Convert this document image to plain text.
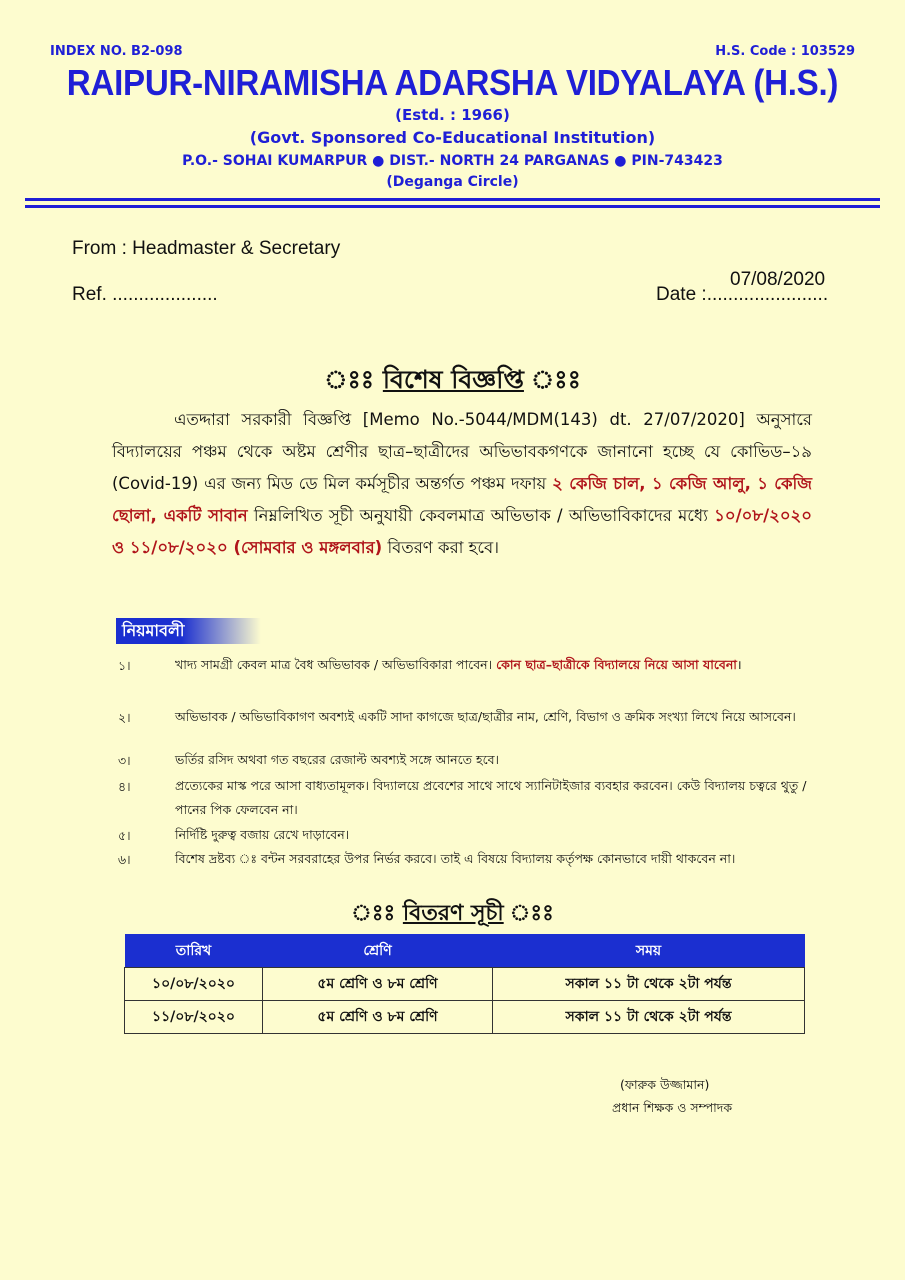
INDEX NO. B2-098	H.S. Code : 103529
RAIPUR-NIRAMISHA ADARSHA VIDYALAYA (H.S.)
(Estd. : 1966)
(Govt. Sponsored Co-Educational Institution)
P.O.- SOHAI KUMARPUR ● DIST.- NORTH 24 PARGANAS ● PIN-743423
(Deganga Circle)
From : Headmaster & Secretary
Ref. ....................
07/08/2020
Date :.......................
ঃঃ বিশেষ বিজ্ঞপ্তি ঃঃ
এতদ্দারা সরকারী বিজ্ঞপ্তি [Memo No.-5044/MDM(143) dt. 27/07/2020] অনুসারে বিদ্যালয়ের পঞ্চম থেকে অষ্টম শ্রেণীর ছাত্র–ছাত্রীদের অভিভাবকগণকে জানানো হচ্ছে যে কোভিড–১৯ (Covid-19) এর জন্য মিড ডে মিল কর্মসূচীর অন্তর্গত পঞ্চম দফায় ২ কেজি চাল, ১ কেজি আলু, ১ কেজি ছোলা, একটি সাবান নিম্নলিখিত সূচী অনুযায়ী কেবলমাত্র অভিভাক / অভিভাবিকাদের মধ্যে ১০/০৮/২০২০ ও ১১/০৮/২০২০ (সোমবার ও মঙ্গলবার) বিতরণ করা হবে।
নিয়মাবলী
১।	খাদ্য সামগ্রী কেবল মাত্র বৈধ অভিভাবক / অভিভাবিকারা পাবেন। কোন ছাত্র–ছাত্রীকে বিদ্যালয়ে নিয়ে আসা যাবেনা।
২।	অভিভাবক / অভিভাবিকাগণ অবশ্যই একটি সাদা কাগজে ছাত্র/ছাত্রীর নাম, শ্রেণি, বিভাগ ও ক্রমিক সংখ্যা লিখে নিয়ে আসবেন।
৩।	ভর্তির রসিদ অথবা গত বছরের রেজাল্ট অবশ্যই সঙ্গে আনতে হবে।
৪।	প্রত্যেকের মাস্ক পরে আসা বাধ্যতামূলক। বিদ্যালয়ে প্রবেশের সাথে সাথে স্যানিটাইজার ব্যবহার করবেন। কেউ বিদ্যালয় চত্বরে থুতু / পানের পিক ফেলবেন না।
৫।	নির্দিষ্টি দুরুত্ব বজায় রেখে দাড়াবেন।
৬।	বিশেষ দ্রষ্টব্য ঃ বন্টন সরবরাহের উপর নির্ভর করবে। তাই এ বিষয়ে বিদ্যালয় কর্তৃপক্ষ কোনভাবে দায়ী থাকবেন না।
ঃঃ বিতরণ সূচী ঃঃ
তারিখ	শ্রেণি	সময়
১০/০৮/২০২০	৫ম শ্রেণি ও ৮ম শ্রেণি	সকাল ১১ টা থেকে ২টা পর্যন্ত
১১/০৮/২০২০	৫ম শ্রেণি ও ৮ম শ্রেণি	সকাল ১১ টা থেকে ২টা পর্যন্ত
(ফারুক উজ্জামান)
প্রধান শিক্ষক ও সম্পাদক
